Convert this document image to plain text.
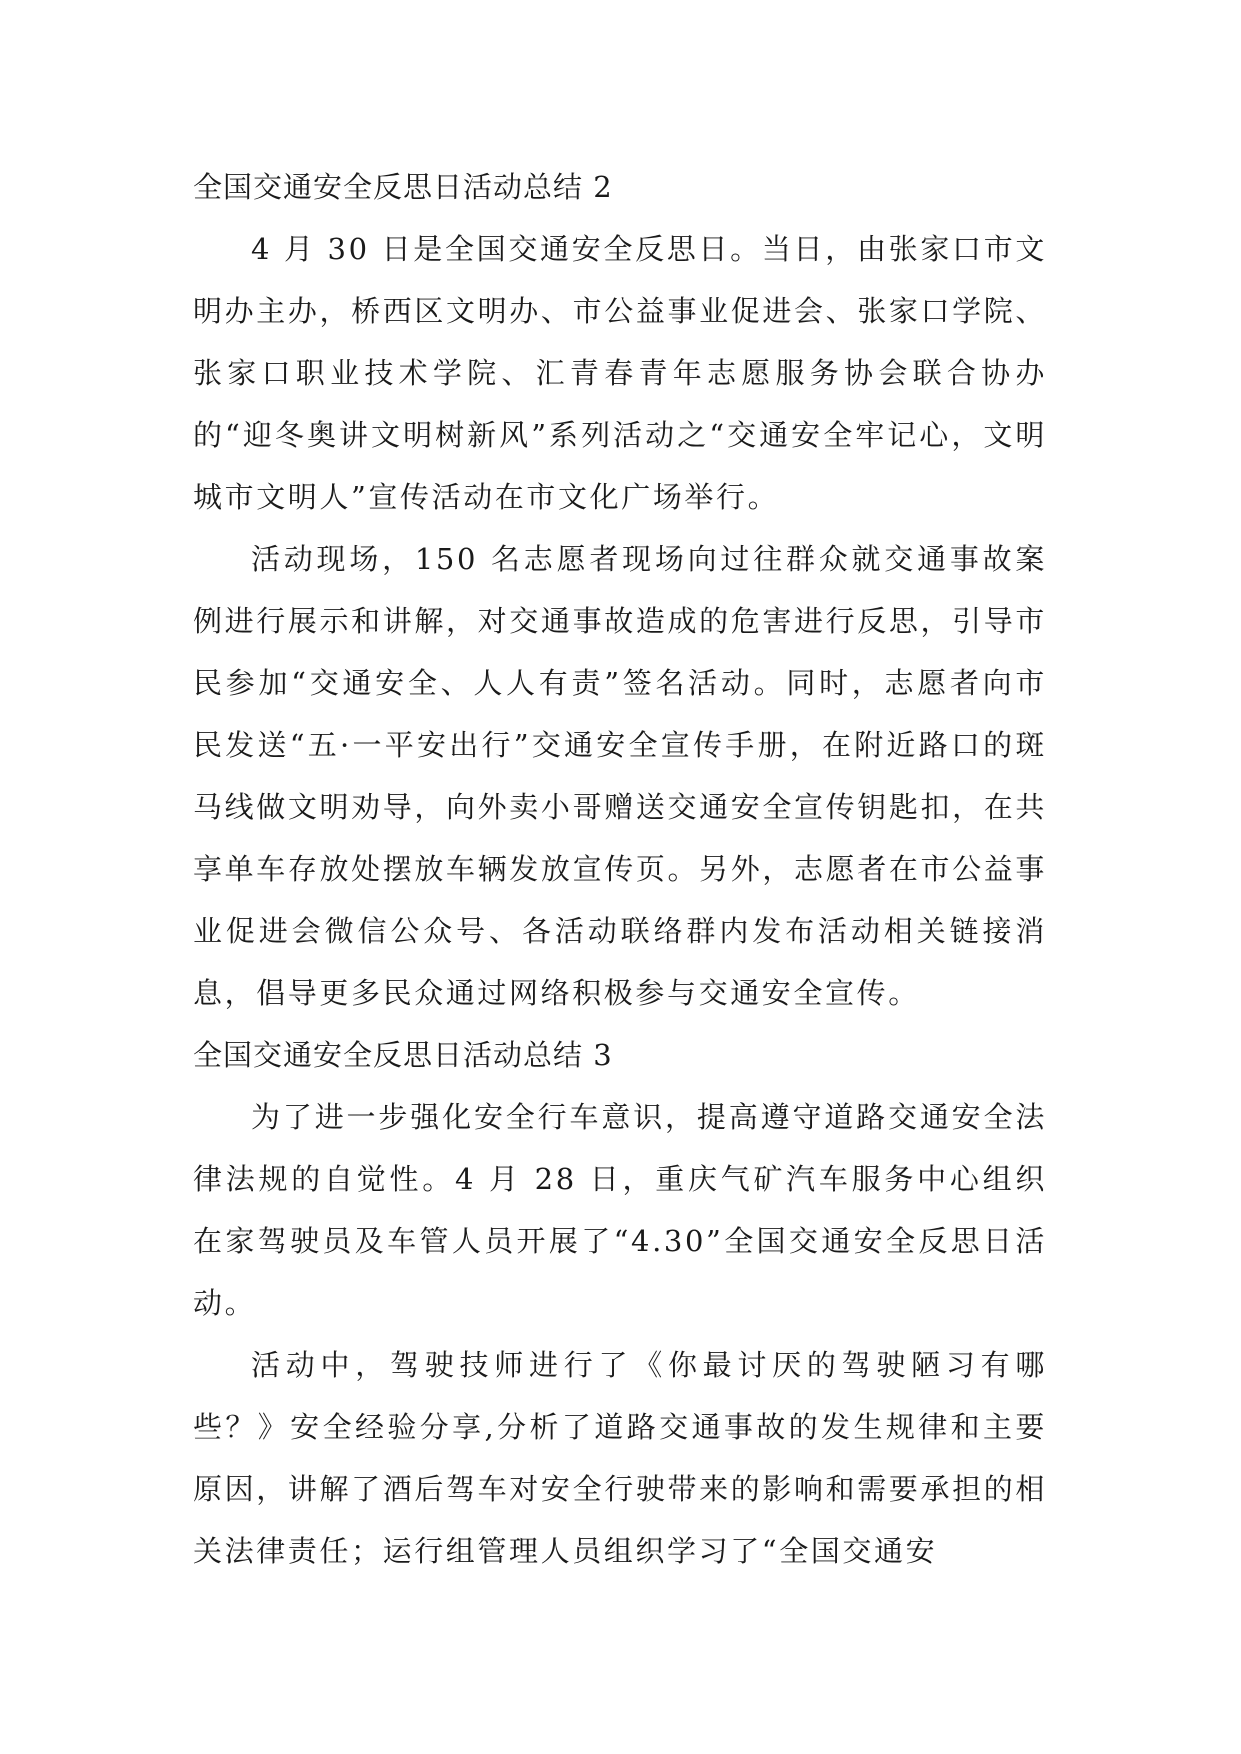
全国交通安全反思日活动总结 2

4 月 30 日是全国交通安全反思日。当日，由张家口市文明办主办，桥西区文明办、市公益事业促进会、张家口学院、张家口职业技术学院、汇青春青年志愿服务协会联合协办的“迎冬奥讲文明树新风”系列活动之“交通安全牢记心，文明城市文明人”宣传活动在市文化广场举行。

活动现场，150 名志愿者现场向过往群众就交通事故案例进行展示和讲解，对交通事故造成的危害进行反思，引导市民参加“交通安全、人人有责”签名活动。同时，志愿者向市民发送“五·一平安出行”交通安全宣传手册，在附近路口的斑马线做文明劝导，向外卖小哥赠送交通安全宣传钥匙扣，在共享单车存放处摆放车辆发放宣传页。另外，志愿者在市公益事业促进会微信公众号、各活动联络群内发布活动相关链接消息，倡导更多民众通过网络积极参与交通安全宣传。

全国交通安全反思日活动总结 3

为了进一步强化安全行车意识，提高遵守道路交通安全法律法规的自觉性。4 月 28 日，重庆气矿汽车服务中心组织在家驾驶员及车管人员开展了“4.30”全国交通安全反思日活动。

活动中，驾驶技师进行了《你最讨厌的驾驶陋习有哪些？》安全经验分享,分析了道路交通事故的发生规律和主要原因，讲解了酒后驾车对安全行驶带来的影响和需要承担的相关法律责任；运行组管理人员组织学习了“全国交通安
